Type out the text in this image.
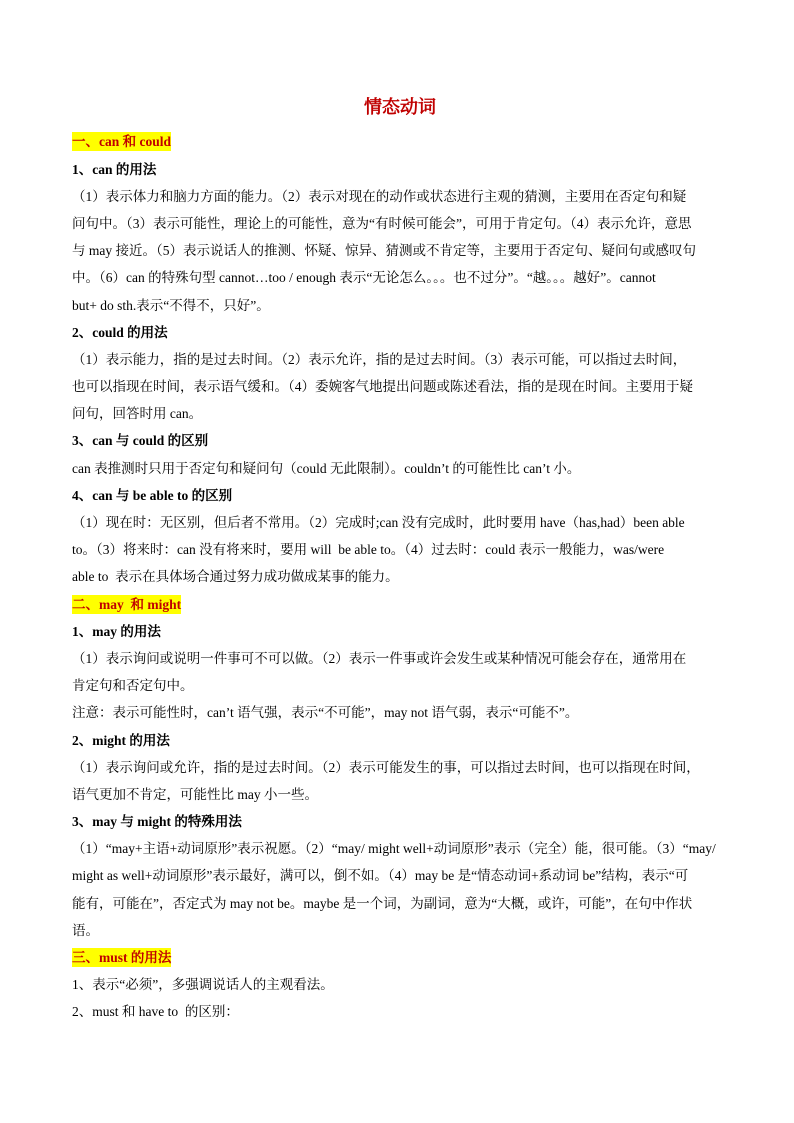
情态动词
一、can 和 could
1、can 的用法
（1）表示体力和脑力方面的能力。（2）表示对现在的动作或状态进行主观的猜测，主要用在否定句和疑
问句中。（3）表示可能性，理论上的可能性，意为“有时候可能会”，可用于肯定句。（4）表示允许，意思
与 may 接近。（5）表示说话人的推测、怀疑、惊异、猜测或不肯定等，主要用于否定句、疑问句或感叹句
中。（6）can 的特殊句型 cannot…too / enough 表示“无论怎么。。。也不过分”。“越。。。越好”。cannot
but+ do sth.表示“不得不，只好”。
2、could 的用法
（1）表示能力，指的是过去时间。（2）表示允许，指的是过去时间。（3）表示可能，可以指过去时间，
也可以指现在时间，表示语气缓和。（4）委婉客气地提出问题或陈述看法，指的是现在时间。主要用于疑
问句，回答时用 can。
3、can 与 could 的区别
can 表推测时只用于否定句和疑问句（could 无此限制）。couldn’t 的可能性比 can’t 小。
4、can 与 be able to 的区别
（1）现在时：无区别，但后者不常用。（2）完成时;can 没有完成时，此时要用 have（has,had）been able
to。（3）将来时：can 没有将来时，要用 will  be able to。（4）过去时：could 表示一般能力，was/were
able to  表示在具体场合通过努力成功做成某事的能力。
二、may  和 might
1、may 的用法
（1）表示询问或说明一件事可不可以做。（2）表示一件事或许会发生或某种情况可能会存在，通常用在
肯定句和否定句中。
注意：表示可能性时，can’t 语气强，表示“不可能”，may not 语气弱，表示“可能不”。
2、might 的用法
（1）表示询问或允许，指的是过去时间。（2）表示可能发生的事，可以指过去时间，也可以指现在时间，
语气更加不肯定，可能性比 may 小一些。
3、may 与 might 的特殊用法
（1）“may+主语+动词原形”表示祝愿。（2）“may/ might well+动词原形”表示（完全）能，很可能。（3）“may/
might as well+动词原形”表示最好，满可以，倒不如。（4）may be 是“情态动词+系动词 be”结构，表示“可
能有，可能在”，否定式为 may not be。maybe 是一个词，为副词，意为“大概，或许，可能”，在句中作状
语。
三、must 的用法
1、表示“必须”，多强调说话人的主观看法。
2、must 和 have to  的区别：
